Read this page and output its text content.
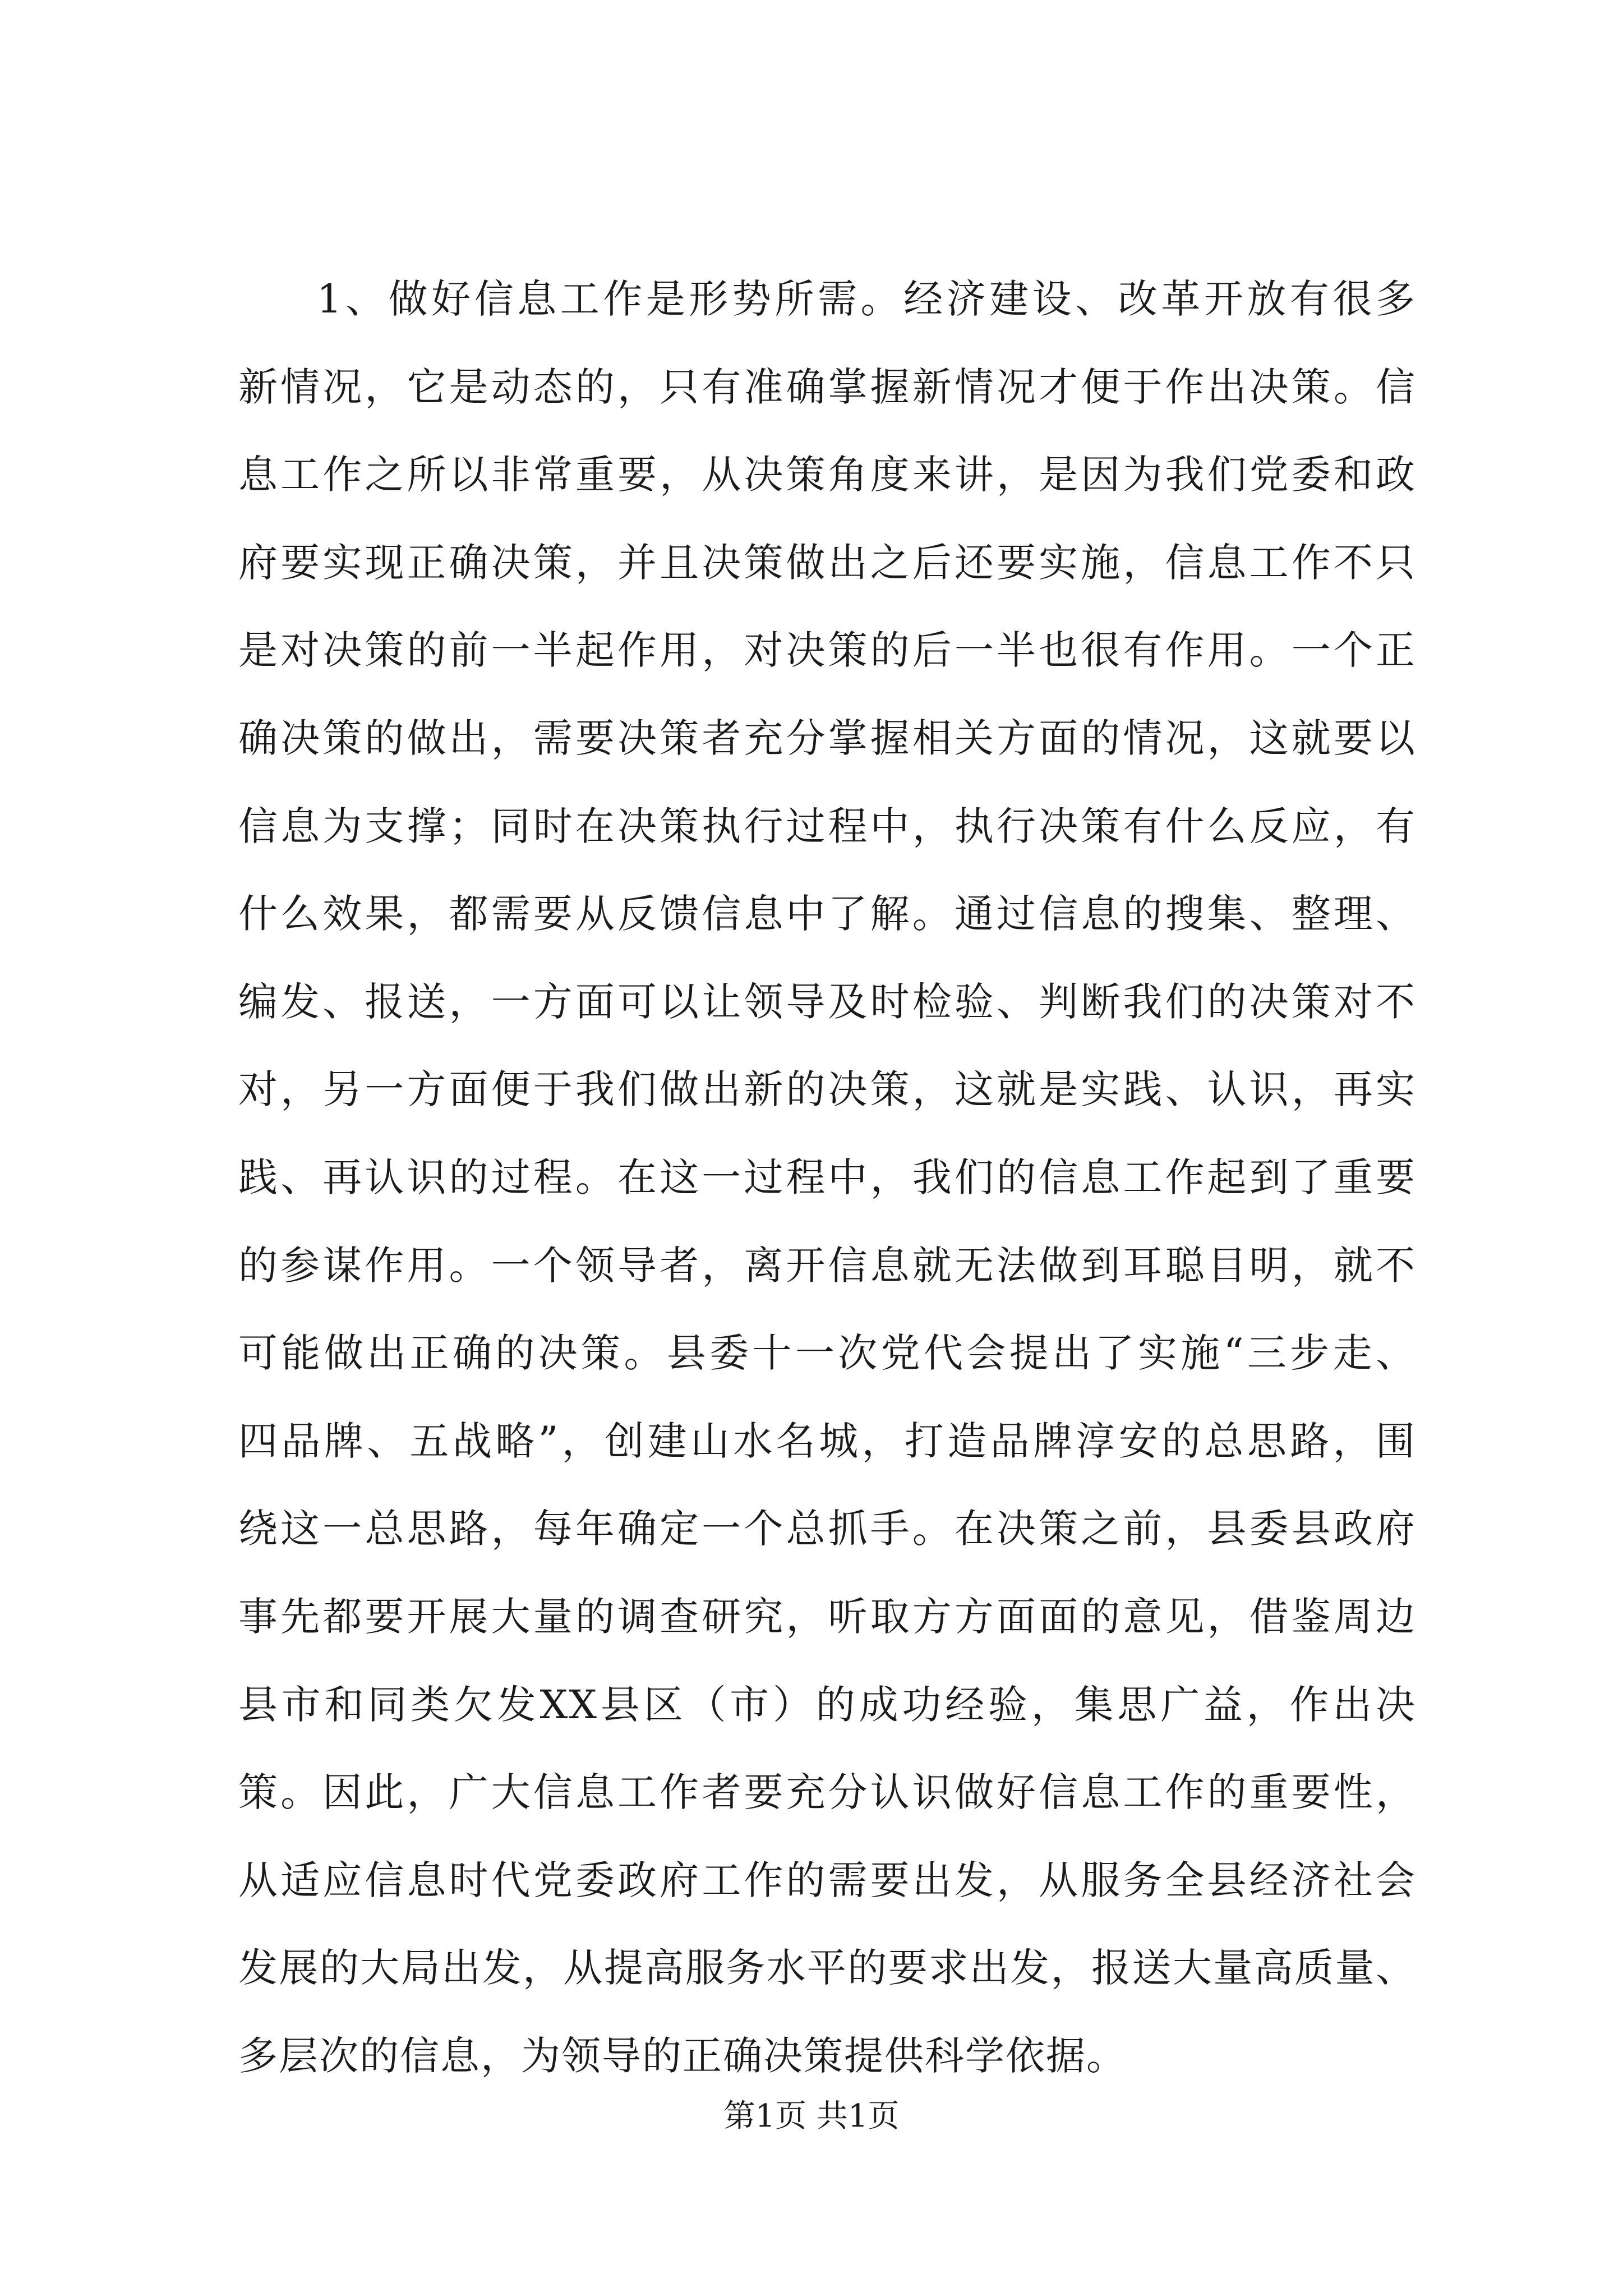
1、做好信息工作是形势所需。经济建设、改革开放有很多
新情况，它是动态的，只有准确掌握新情况才便于作出决策。信
息工作之所以非常重要，从决策角度来讲，是因为我们党委和政
府要实现正确决策，并且决策做出之后还要实施，信息工作不只
是对决策的前一半起作用，对决策的后一半也很有作用。一个正
确决策的做出，需要决策者充分掌握相关方面的情况，这就要以
信息为支撑；同时在决策执行过程中，执行决策有什么反应，有
什么效果，都需要从反馈信息中了解。通过信息的搜集、整理、
编发、报送，一方面可以让领导及时检验、判断我们的决策对不
对，另一方面便于我们做出新的决策，这就是实践、认识，再实
践、再认识的过程。在这一过程中，我们的信息工作起到了重要
的参谋作用。一个领导者，离开信息就无法做到耳聪目明，就不
可能做出正确的决策。县委十一次党代会提出了实施“三步走、
四品牌、五战略”，创建山水名城，打造品牌淳安的总思路，围
绕这一总思路，每年确定一个总抓手。在决策之前，县委县政府
事先都要开展大量的调查研究，听取方方面面的意见，借鉴周边
县市和同类欠发XX县区（市）的成功经验，集思广益，作出决
策。因此，广大信息工作者要充分认识做好信息工作的重要性，
从适应信息时代党委政府工作的需要出发，从服务全县经济社会
发展的大局出发，从提高服务水平的要求出发，报送大量高质量、
多层次的信息，为领导的正确决策提供科学依据。
第1页 共1页
